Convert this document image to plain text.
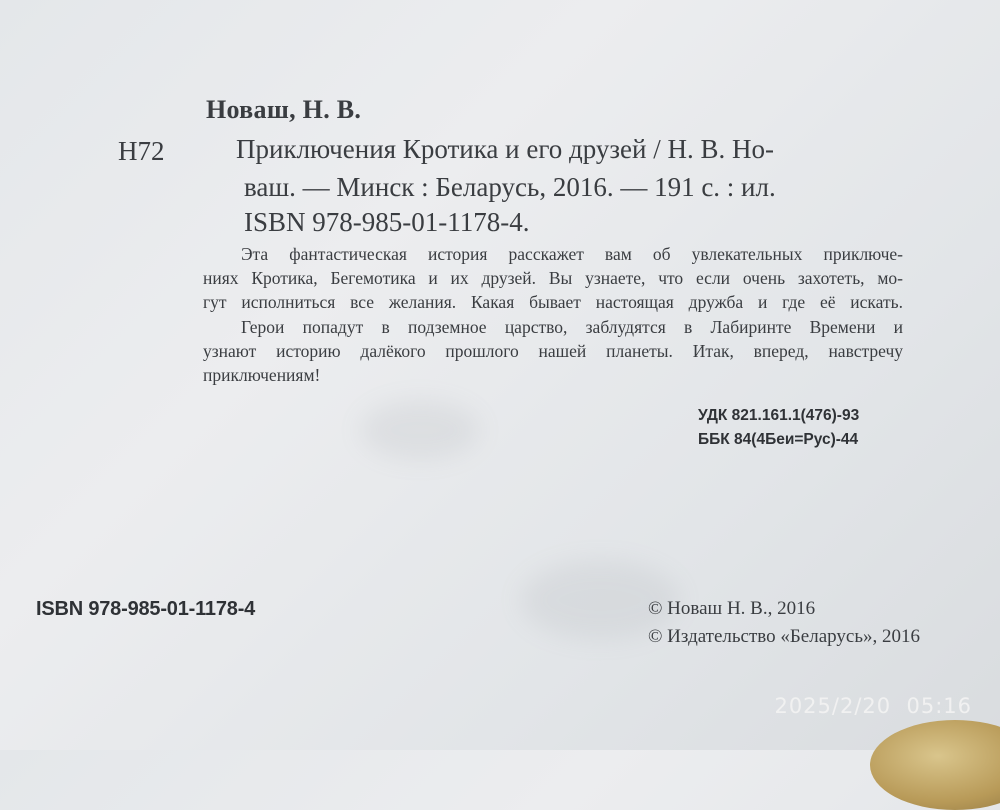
Новаш, Н. В.
Н72	Приключения Кротика и его друзей / Н. В. Но-
ваш. — Минск : Беларусь, 2016. — 191 с. : ил.
ISBN 978-985-01-1178-4.

Эта фантастическая история расскажет вам об увлекательных приключе-

ниях Кротика, Бегемотика и их друзей. Вы узнаете, что если очень захотеть, мо-

гут исполниться все желания. Какая бывает настоящая дружба и где её искать.

Герои попадут в подземное царство, заблудятся в Лабиринте Времени и

узнают историю далёкого прошлого нашей планеты. Итак, вперед, навстречу

приключениям!

УДК 821.161.1(476)-93
ББК 84(4Беи=Рус)-44
ISBN 978-985-01-1178-4	© Новаш Н. В., 2016
© Издательство «Беларусь», 2016
2025/2/20  05:16
